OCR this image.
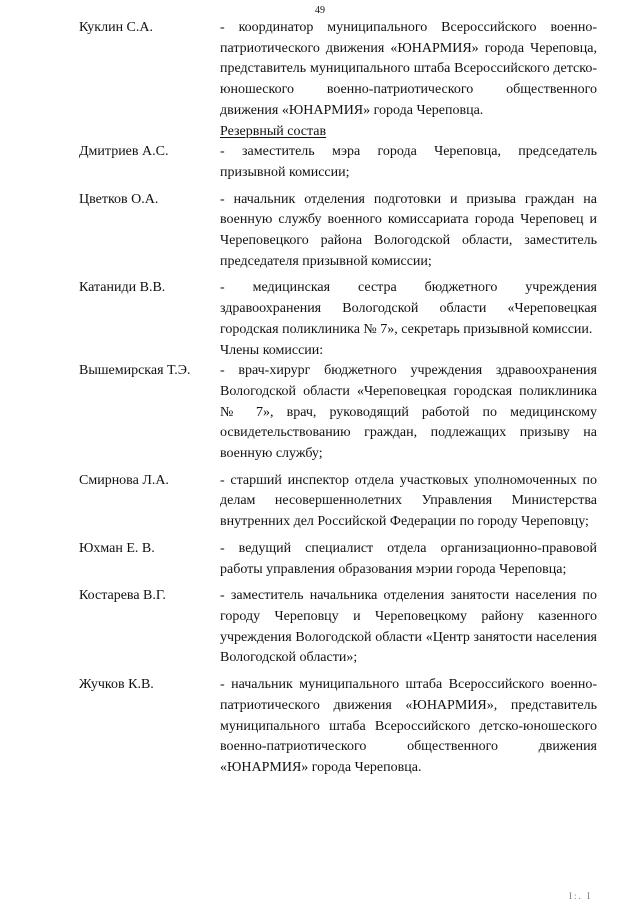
49
Куклин С.А.	- координатор муниципального Всероссийского военно-патриотического движения «ЮНАРМИЯ» города Череповца, представитель муниципального штаба Всероссийского детско-юношеского военно-патриотического общественного движения «ЮНАРМИЯ» города Череповца.
Резервный состав
Дмитриев А.С.	- заместитель мэра города Череповца, председатель призывной комиссии;
Цветков О.А.	- начальник отделения подготовки и призыва граждан на военную службу военного комиссариата города Череповец и Череповецкого района Вологодской области, заместитель председателя призывной комиссии;
Катаниди В.В.	- медицинская сестра бюджетного учреждения здравоохранения Вологодской области «Череповецкая городская поликлиника № 7», секретарь призывной комиссии.
Члены комиссии:
Вышемирская Т.Э. - врач-хирург бюджетного учреждения здравоохранения Вологодской области «Череповецкая городская поликлиника № 7», врач, руководящий работой по медицинскому освидетельствованию граждан, подлежащих призыву на военную службу;
Смирнова Л.А.	- старший инспектор отдела участковых уполномоченных по делам несовершеннолетних Управления Министерства внутренних дел Российской Федерации по городу Череповцу;
Юхман Е. В.	- ведущий специалист отдела организационно-правовой работы управления образования мэрии города Череповца;
Костарева В.Г.	- заместитель начальника отделения занятости населения по городу Череповцу и Череповецкому району казенного учреждения Вологодской области «Центр занятости населения Вологодской области»;
Жучков К.В.	- начальник муниципального штаба Всероссийского военно-патриотического движения «ЮНАРМИЯ», представитель муниципального штаба Всероссийского детско-юношеского военно-патриотического общественного движения «ЮНАРМИЯ» города Череповца.
I:. I
